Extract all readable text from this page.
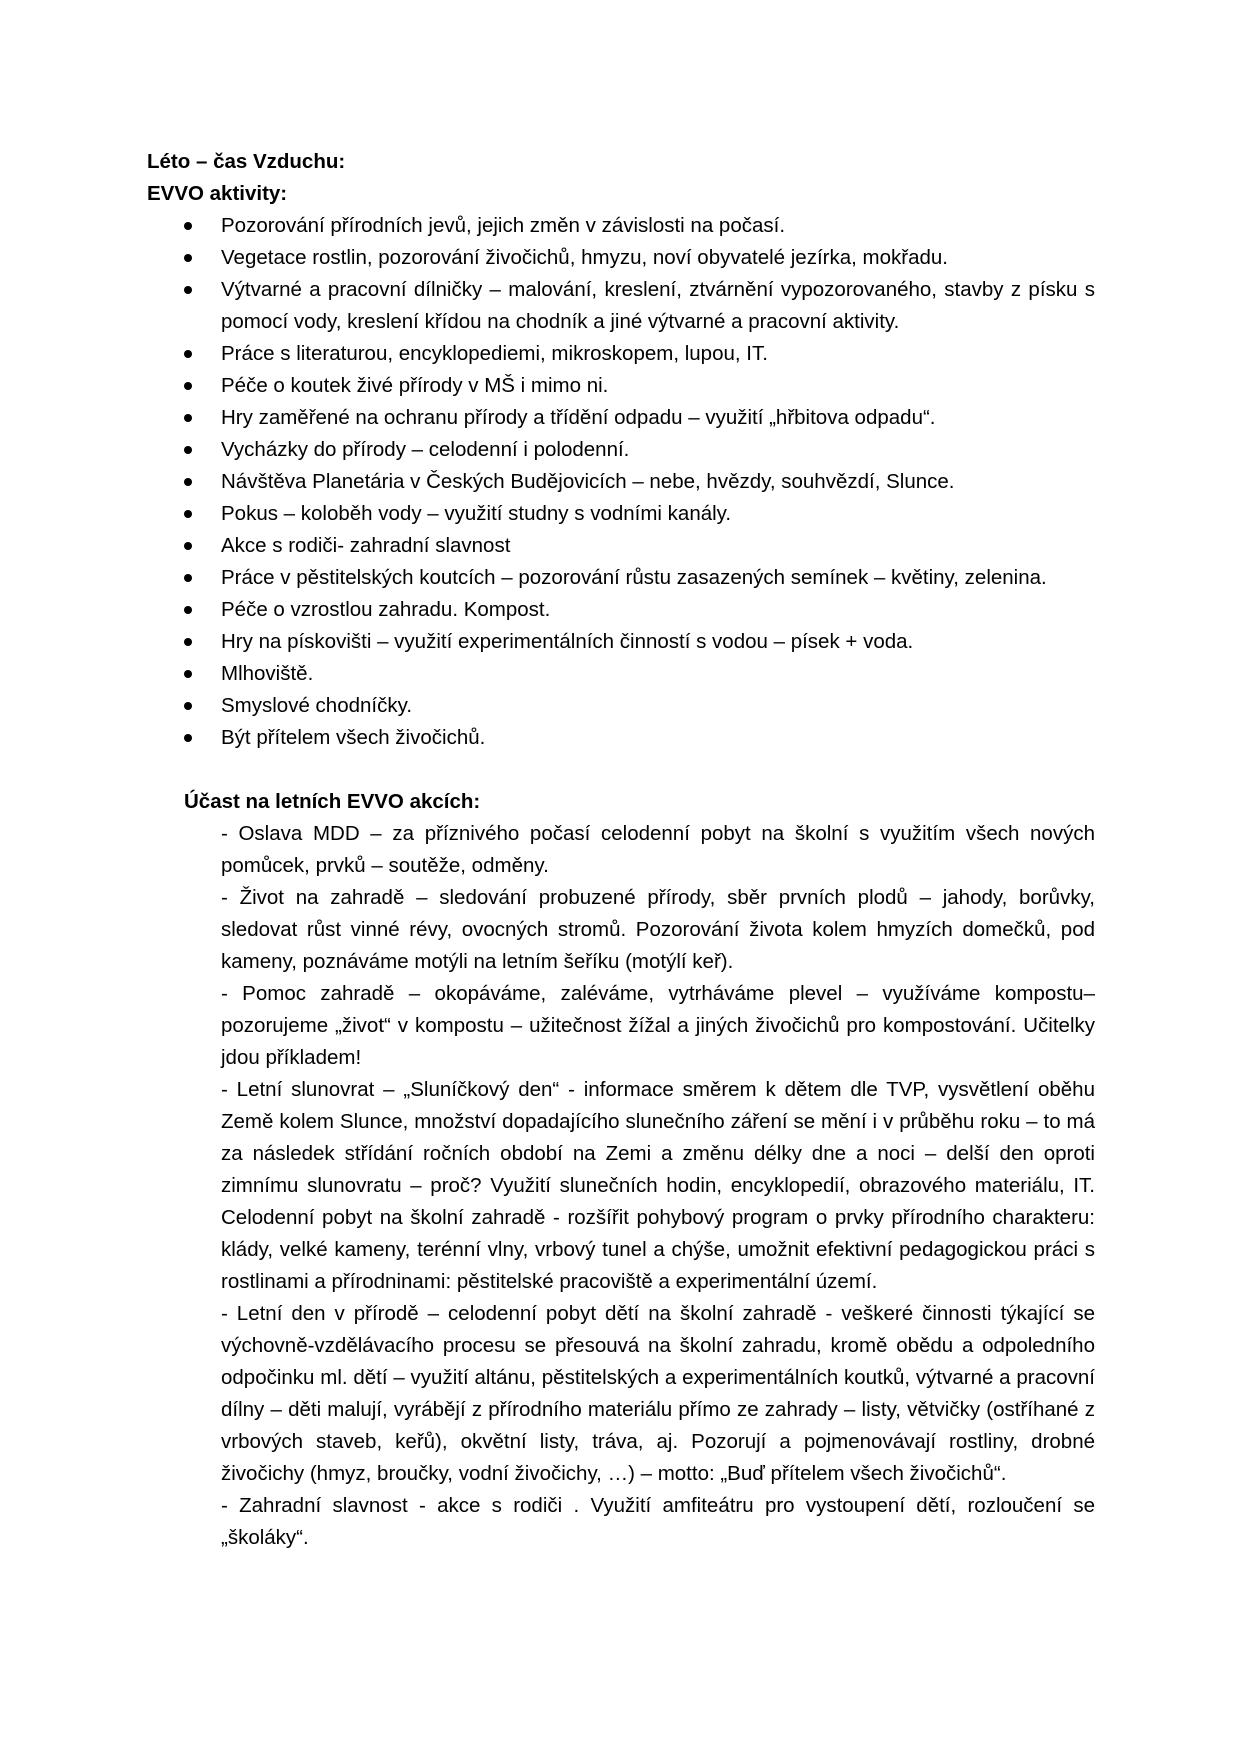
Léto – čas Vzduchu:

EVVO aktivity:

Pozorování přírodních jevů, jejich změn v závislosti na počasí.
Vegetace rostlin, pozorování živočichů, hmyzu, noví obyvatelé jezírka, mokřadu.
Výtvarné a pracovní dílničky – malování, kreslení, ztvárnění vypozorovaného, stavby z písku s pomocí vody, kreslení křídou na chodník a jiné výtvarné a pracovní aktivity.
Práce s literaturou, encyklopediemi, mikroskopem, lupou, IT.
Péče o koutek živé přírody v MŠ i mimo ni.
Hry zaměřené na ochranu přírody a třídění odpadu – využití „hřbitova odpadu“.
Vycházky do přírody – celodenní i polodenní.
Návštěva Planetária v Českých Budějovicích – nebe, hvězdy, souhvězdí, Slunce.
Pokus – koloběh vody – využití studny s vodními kanály.
Akce s rodiči- zahradní slavnost
Práce v pěstitelských koutcích – pozorování růstu zasazených semínek – květiny, zelenina.
Péče o vzrostlou zahradu. Kompost.
Hry na pískovišti – využití experimentálních činností s vodou – písek + voda.
Mlhoviště.
Smyslové chodníčky.
Být přítelem všech živočichů.

Účast na letních EVVO akcích:

- Oslava MDD – za příznivého počasí celodenní pobyt na školní s využitím všech nových pomůcek, prvků – soutěže, odměny.

- Život na zahradě – sledování probuzené přírody, sběr prvních plodů – jahody, borůvky, sledovat růst vinné révy, ovocných stromů. Pozorování života kolem hmyzích domečků, pod kameny, poznáváme motýli na letním šeříku (motýlí keř).

- Pomoc zahradě – okopáváme, zaléváme, vytrháváme plevel – využíváme kompostu– pozorujeme „život“ v kompostu – užitečnost žížal a jiných živočichů pro kompostování. Učitelky jdou příkladem!

- Letní slunovrat – „Sluníčkový den“ - informace směrem k dětem dle TVP, vysvětlení oběhu Země kolem Slunce, množství dopadajícího slunečního záření se mění i v průběhu roku – to má za následek střídání ročních období na Zemi a změnu délky dne a noci – delší den oproti zimnímu slunovratu – proč? Využití slunečních hodin, encyklopedií, obrazového materiálu, IT. Celodenní pobyt na školní zahradě - rozšířit pohybový program o prvky přírodního charakteru: klády, velké kameny, terénní vlny, vrbový tunel a chýše, umožnit efektivní pedagogickou práci s rostlinami a přírodninami: pěstitelské pracoviště a experimentální území.

- Letní den v přírodě – celodenní pobyt dětí na školní zahradě - veškeré činnosti týkající se výchovně-vzdělávacího procesu se přesouvá na školní zahradu, kromě obědu a odpoledního odpočinku ml. dětí – využití altánu, pěstitelských a experimentálních koutků, výtvarné a pracovní dílny – děti malují, vyrábějí z přírodního materiálu přímo ze zahrady – listy, větvičky (ostříhané z vrbových staveb, keřů), okvětní listy, tráva, aj. Pozorují a pojmenovávají rostliny, drobné živočichy (hmyz, broučky, vodní živočichy, …) – motto: „Buď přítelem všech živočichů“.

- Zahradní slavnost - akce s rodiči . Využití amfiteátru pro vystoupení dětí, rozloučení se „školáky“.
